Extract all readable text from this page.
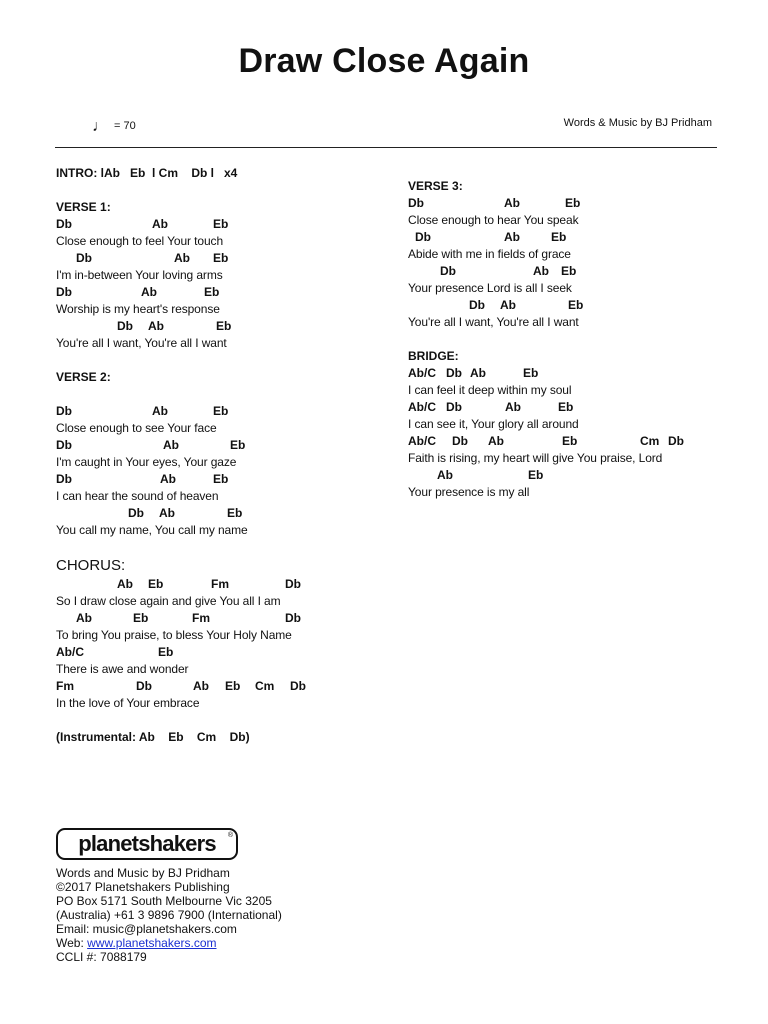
Draw Close Again
♩ = 70	Words & Music by BJ Pridham
INTRO: lAb   Eb  l Cm    Db l   x4
VERSE 1:

Db

	Ab

	Eb

Close enough to feel Your touch

Db

	Ab

Eb

I'm in-between Your loving arms

Db

	Ab

	Eb

Worship is my heart's response

Db

Ab

	Eb

You're all I want, You're all I want
VERSE 2:

Db

	Ab

	Eb

Close enough to see Your face

Db

	Ab

	Eb

I'm caught in Your eyes, Your gaze

Db

	Ab

	Eb

I can hear the sound of heaven

Db

Ab

	Eb

You call my name, You call my name
CHORUS:

Ab

Eb

	Fm

	Db

So I draw close again and give You all I am

Ab

	Eb

	Fm

	Db

To bring You praise, to bless Your Holy Name

Ab/C

	Eb

There is awe and wonder

Fm

	Db

	Ab

Eb

Cm

Db

In the love of Your embrace
(Instrumental: Ab    Eb    Cm    Db)
VERSE 3:

Db

	Ab

	Eb

Close enough to hear You speak

Db

	Ab

	Eb

Abide with me in fields of grace

Db

	Ab

Eb

Your presence Lord is all I seek

Db

Ab

	Eb

You're all I want, You're all I want
BRIDGE:

Ab/C

Db

Ab

	Eb

I can feel it deep within my soul

Ab/C

Db

	Ab

	Eb

I can see it, Your glory all around

Ab/C

Db

Ab

	Eb

	Cm

Db

Faith is rising, my heart will give You praise, Lord

Ab

	Eb

Your presence is my all
planetshakers ®
Words and Music by BJ Pridham
©2017 Planetshakers Publishing
PO Box 5171 South Melbourne Vic 3205
(Australia) +61 3 9896 7900 (International)
Email: music@planetshakers.com
Web: www.planetshakers.com
CCLI #: 7088179
